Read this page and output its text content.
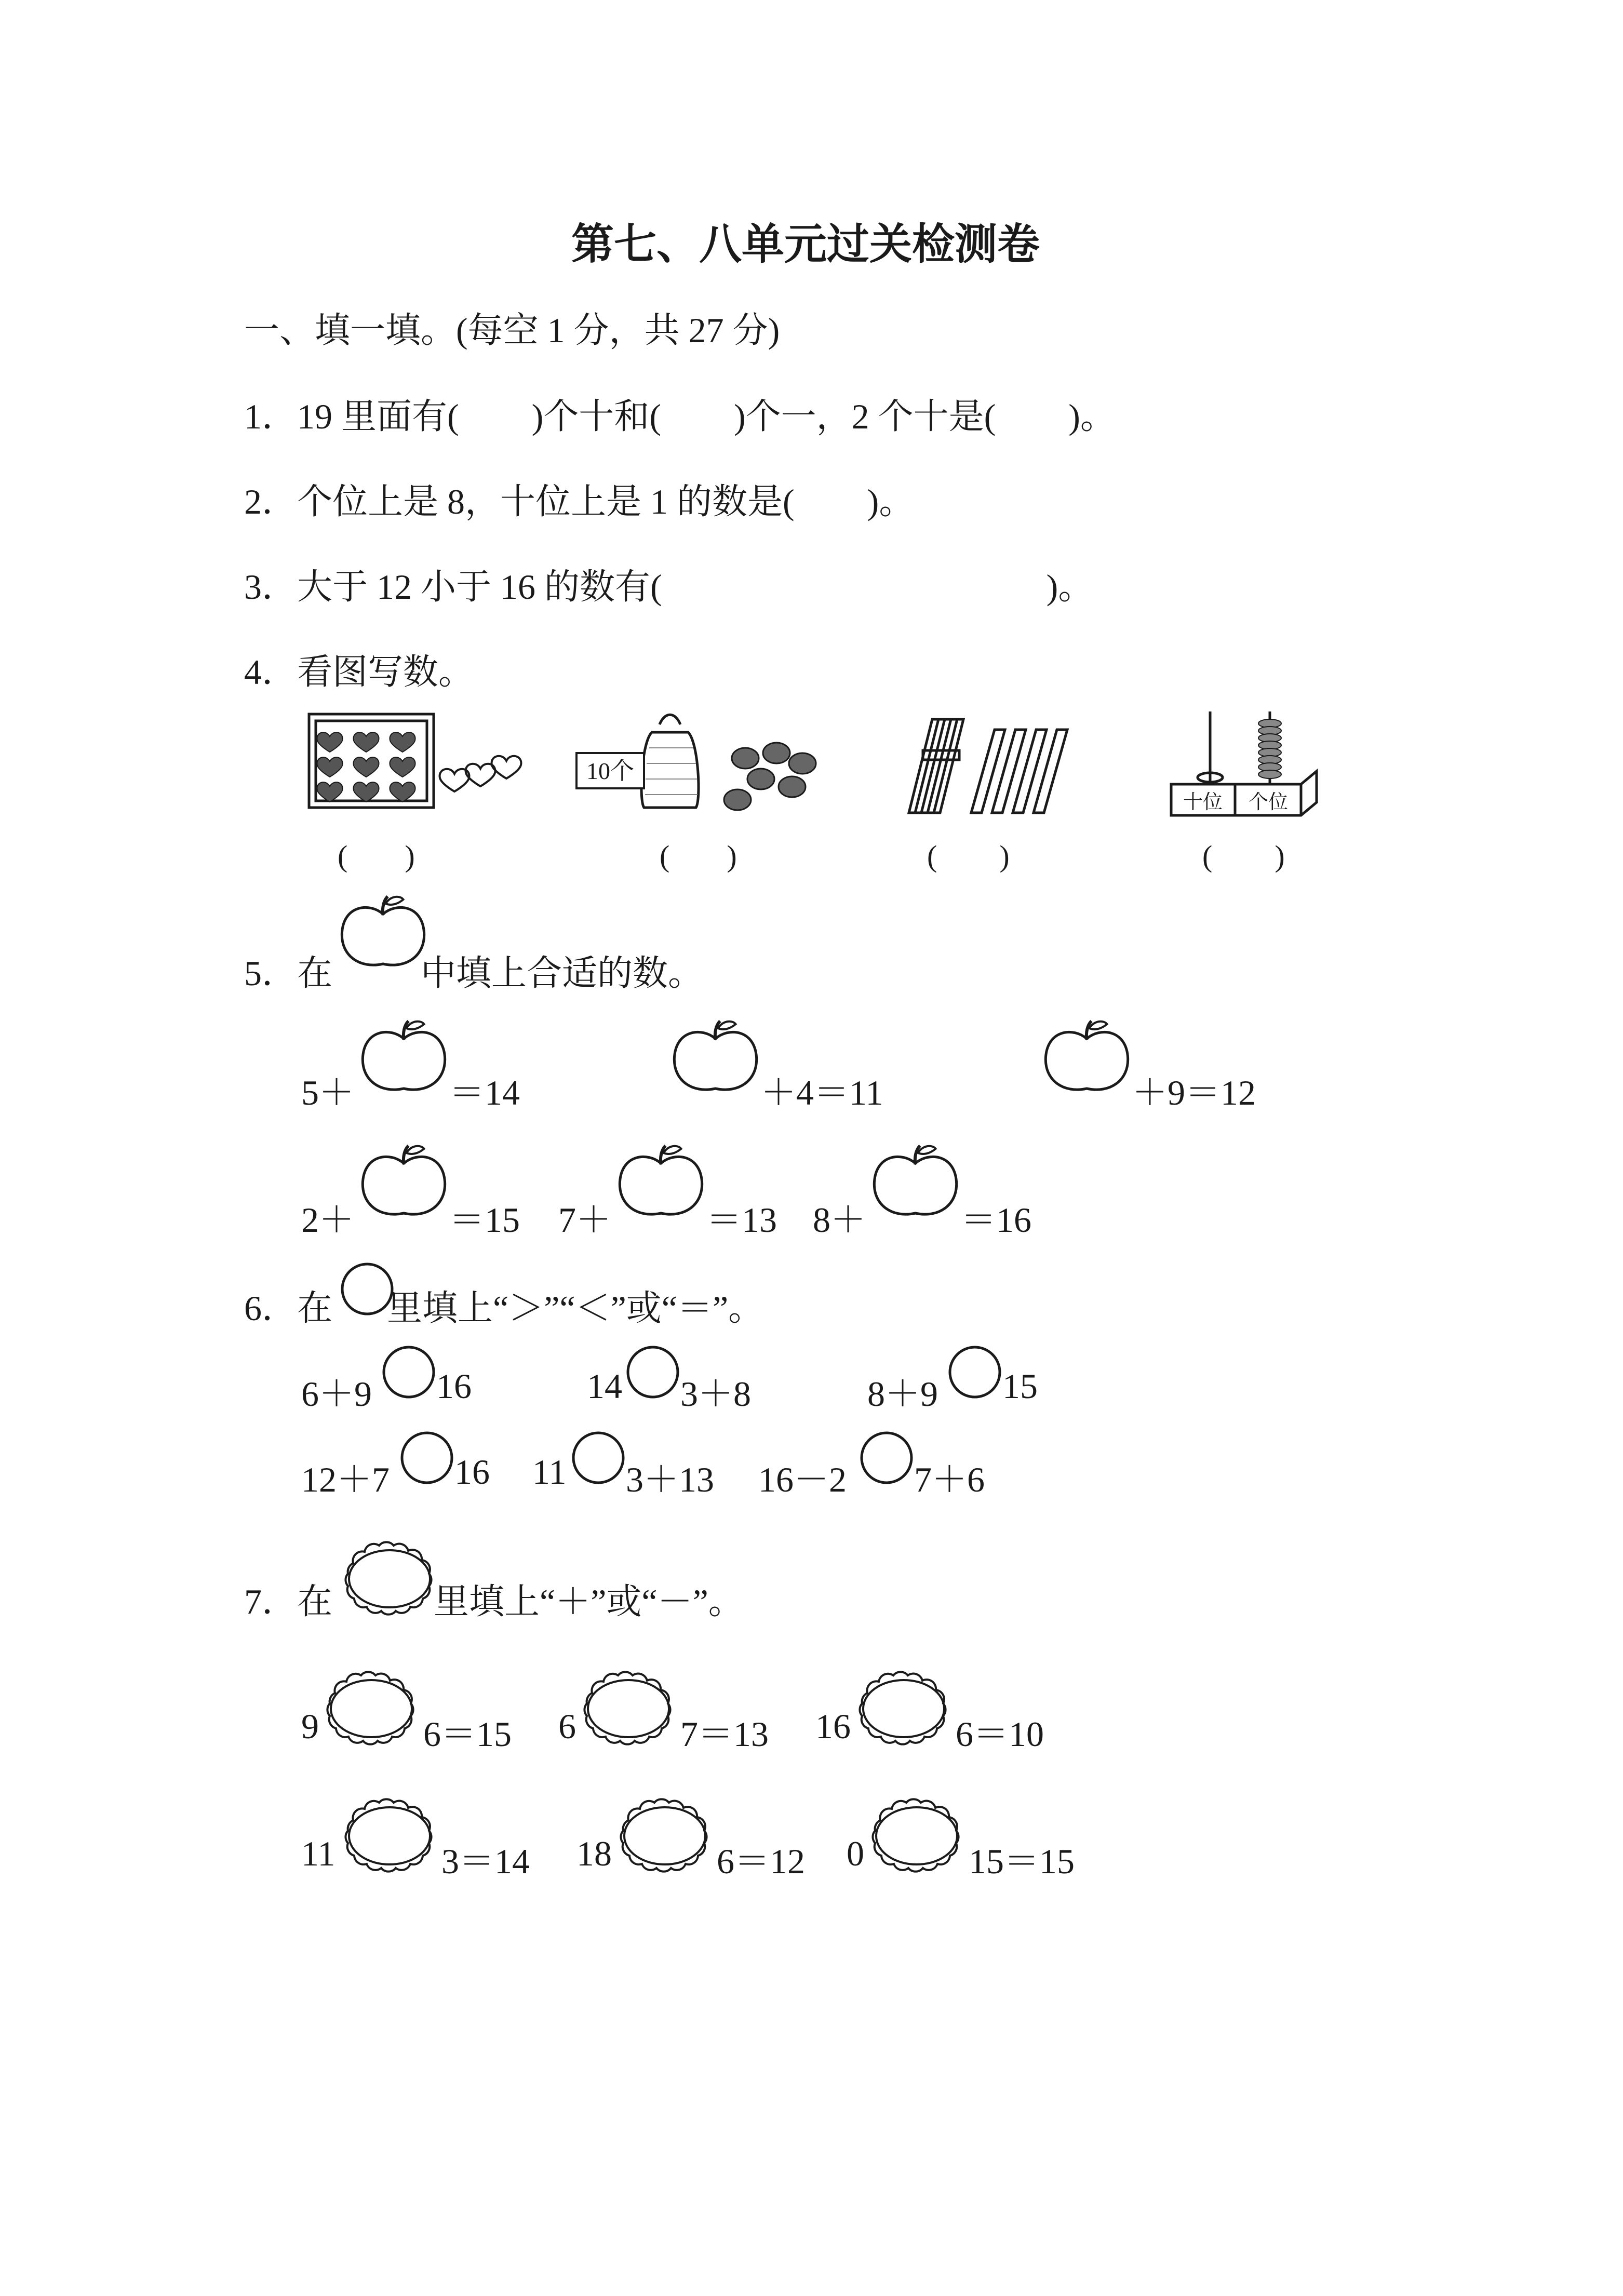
第七、八单元过关检测卷
一、填一填。(每空 1 分，共 27 分)
1．19 里面有( )个十和( )个一，2 个十是( )。
2．个位上是 8，十位上是 1 的数是( )。
3．大于 12 小于 16 的数有(	)。
4．看图写数。
10个
十位 个位
( )	( )	( )	( )
5．在	中填上合适的数。
5＋	＝14	＋4＝11	＋9＝12
2＋	＝15 7＋	＝13 8＋	＝16
6．在 里填上“＞”“＜”或“＝”。
6＋9 16	14 3＋8	8＋9 15
12＋7 16 11 3＋13 16－2 7＋6
7．在	里填上“＋”或“－”。
9	6＝15 6	7＝13 16	6＝10
11	3＝14 18	6＝12 0	15＝15
